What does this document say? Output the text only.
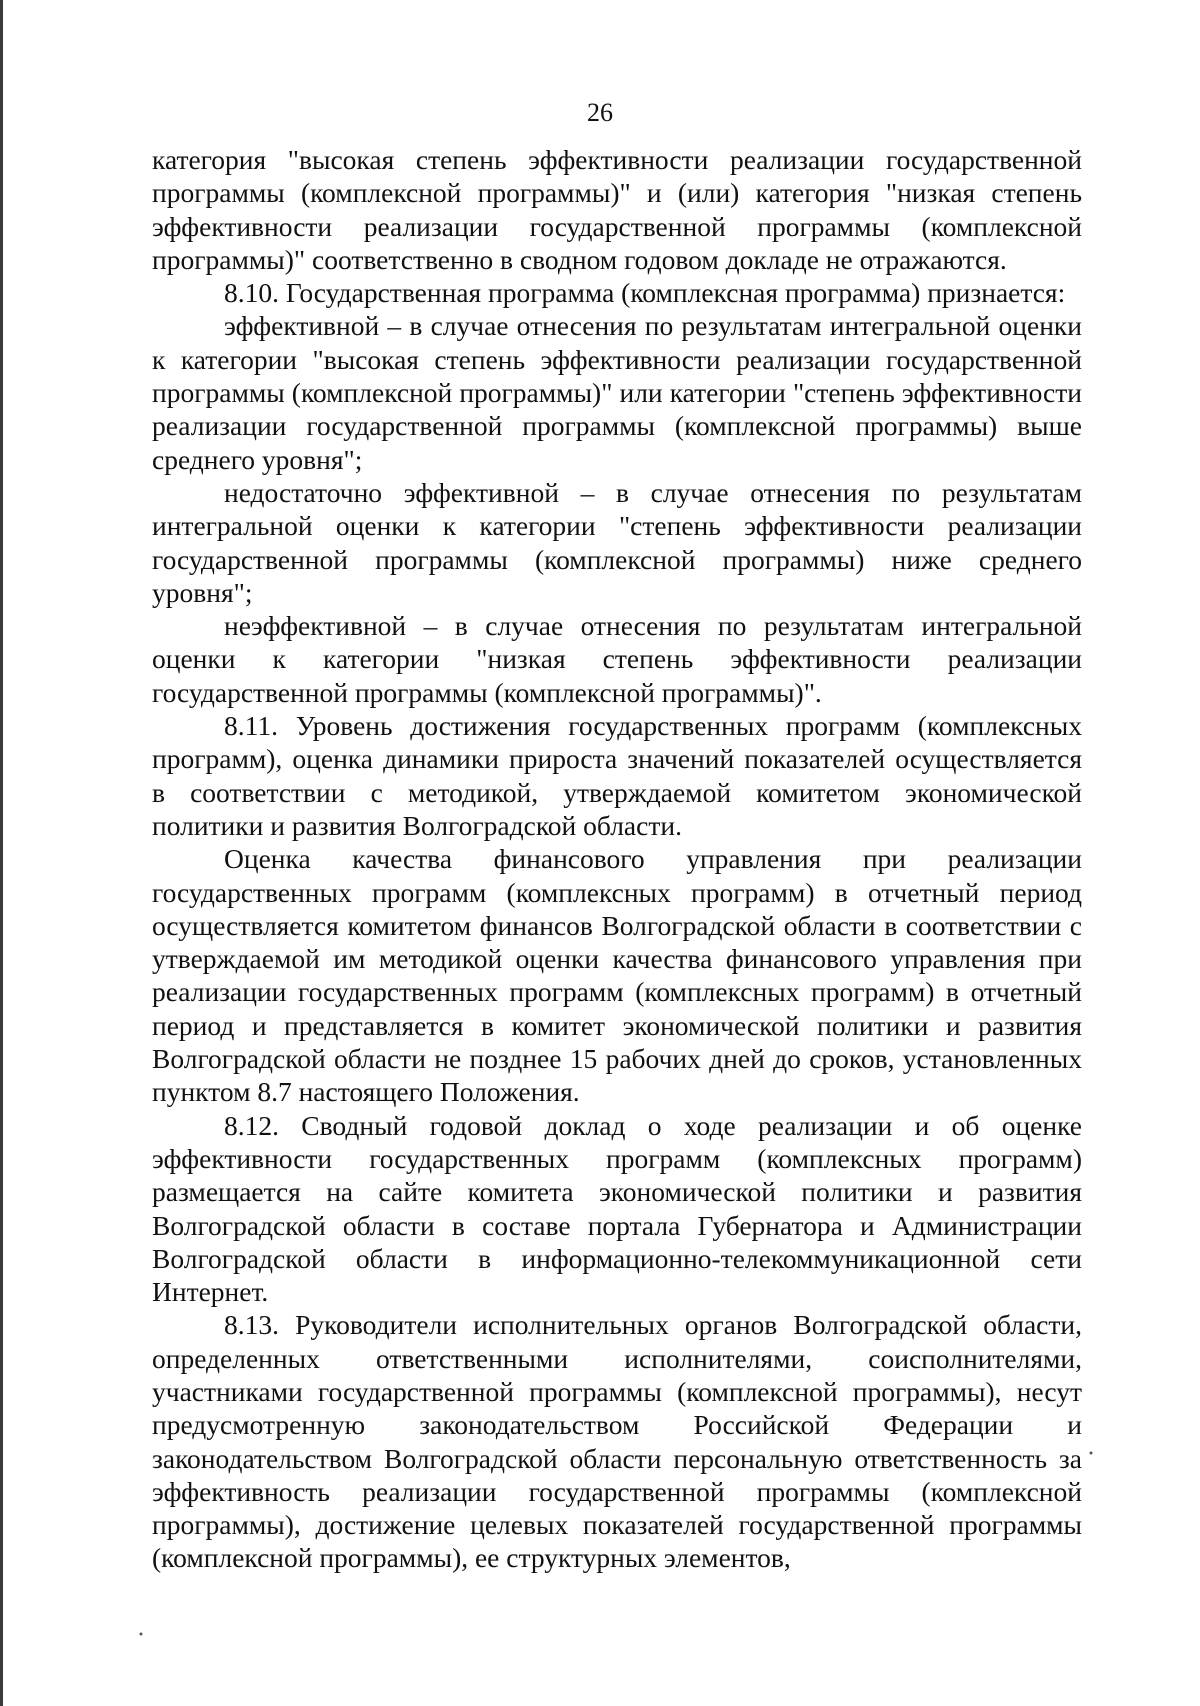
26

категория "высокая степень эффективности реализации государственной программы (комплексной программы)" и (или) категория "низкая степень эффективности реализации государственной программы (комплексной программы)" соответственно в сводном годовом докладе не отражаются.

8.10. Государственная программа (комплексная программа) признается:

эффективной – в случае отнесения по результатам интегральной оценки к категории "высокая степень эффективности реализации государственной программы (комплексной программы)" или категории "степень эффективности реализации государственной программы (комплексной программы) выше среднего уровня";

недостаточно эффективной – в случае отнесения по результатам интегральной оценки к категории "степень эффективности реализации государственной программы (комплексной программы) ниже среднего уровня";

неэффективной – в случае отнесения по результатам интегральной оценки к категории "низкая степень эффективности реализации государственной программы (комплексной программы)".

8.11. Уровень достижения государственных программ (комплексных программ), оценка динамики прироста значений показателей осуществляется в соответствии с методикой, утверждаемой комитетом экономической политики и развития Волгоградской области.

Оценка качества финансового управления при реализации государственных программ (комплексных программ) в отчетный период осуществляется комитетом финансов Волгоградской области в соответствии с утверждаемой им методикой оценки качества финансового управления при реализации государственных программ (комплексных программ) в отчетный период и представляется в комитет экономической политики и развития Волгоградской области не позднее 15 рабочих дней до сроков, установленных пунктом 8.7 настоящего Положения.

8.12. Сводный годовой доклад о ходе реализации и об оценке эффективности государственных программ (комплексных программ) размещается на сайте комитета экономической политики и развития Волгоградской области в составе портала Губернатора и Администрации Волгоградской области в информационно-телекоммуникационной сети Интернет.

8.13. Руководители исполнительных органов Волгоградской области, определенных ответственными исполнителями, соисполнителями, участниками государственной программы (комплексной программы), несут предусмотренную законодательством Российской Федерации и законодательством Волгоградской области персональную ответственность за эффективность реализации государственной программы (комплексной программы), достижение целевых показателей государственной программы (комплексной программы), ее структурных элементов,
